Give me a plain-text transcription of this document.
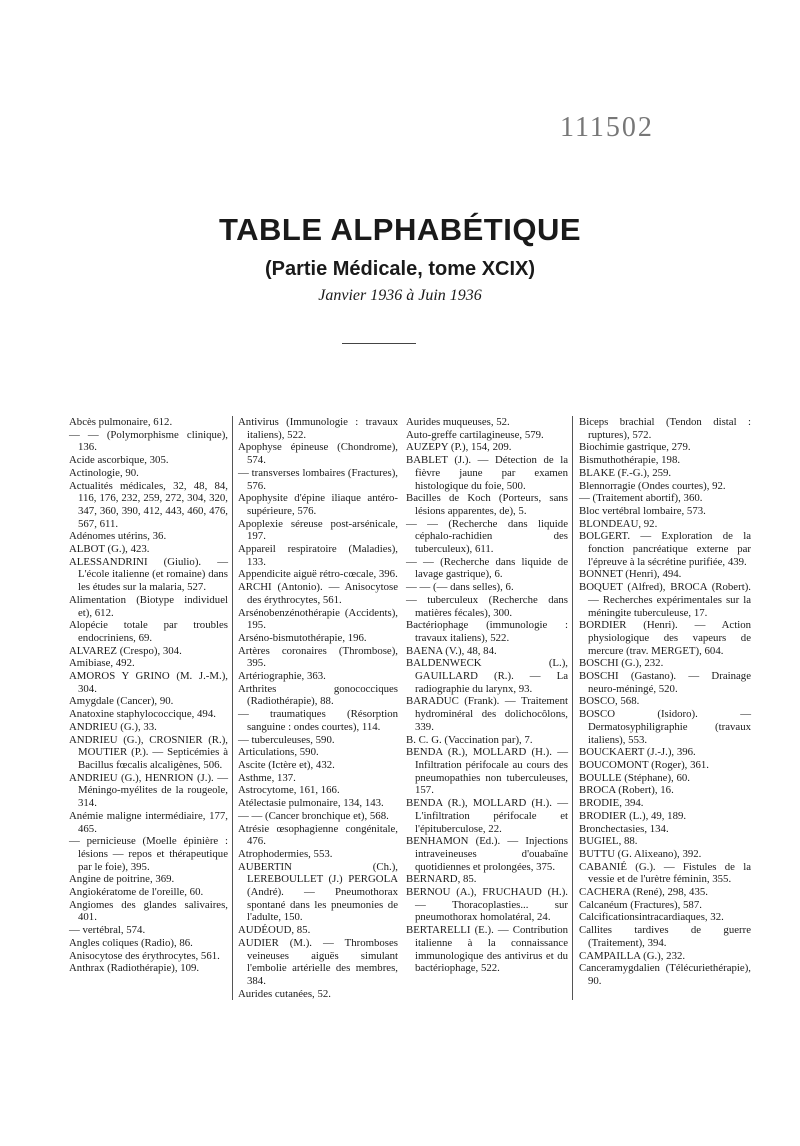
111502
TABLE ALPHABÉTIQUE
(Partie Médicale, tome XCIX)
Janvier 1936 à Juin 1936
Abcès pulmonaire, 612.
— — (Polymorphisme clinique), 136.
Acide ascorbique, 305.
Actinologie, 90.
Actualités médicales, 32, 48, 84, 116, 176, 232, 259, 272, 304, 320, 347, 360, 390, 412, 443, 460, 476, 567, 611.
Adénomes utérins, 36.
ALBOT (G.), 423.
ALESSANDRINI (Giulio). — L'école italienne (et romaine) dans les études sur la malaria, 527.
Alimentation (Biotype individuel et), 612.
Alopécie totale par troubles endocriniens, 69.
ALVAREZ (Crespo), 304.
Amibiase, 492.
AMOROS Y GRINO (M. J.-M.), 304.
Amygdale (Cancer), 90.
Anatoxine staphylococcique, 494.
ANDRIEU (G.), 33.
ANDRIEU (G.), CROSNIER (R.), MOUTIER (P.). — Septicémies à Bacillus fœcalis alcaligènes, 506.
ANDRIEU (G.), HENRION (J.). — Méningo-myélites de la rougeole, 314.
Anémie maligne intermédiaire, 177, 465.
— pernicieuse (Moelle épinière : lésions — repos et thérapeutique par le foie), 395.
Angine de poitrine, 369.
Angiokératome de l'oreille, 60.
Angiomes des glandes salivaires, 401.
— vertébral, 574.
Angles coliques (Radio), 86.
Anisocytose des érythrocytes, 561.
Anthrax (Radiothérapie), 109.
Antivirus (Immunologie : travaux italiens), 522.
Apophyse épineuse (Chondrome), 574.
— transverses lombaires (Fractures), 576.
Apophysite d'épine iliaque antéro-supérieure, 576.
Apoplexie séreuse post-arsénicale, 197.
Appareil respiratoire (Maladies), 133.
Appendicite aiguë rétro-cœcale, 396.
ARCHI (Antonio). — Anisocytose des érythrocytes, 561.
Arsénobenzénothérapie (Accidents), 195.
Arséno-bismutothérapie, 196.
Artères coronaires (Thrombose), 395.
Artériographie, 363.
Arthrites gonococciques (Radiothérapie), 88.
— traumatiques (Résorption sanguine : ondes courtes), 114.
— tuberculeuses, 590.
Articulations, 590.
Ascite (Ictère et), 432.
Asthme, 137.
Astrocytome, 161, 166.
Atélectasie pulmonaire, 134, 143.
— — (Cancer bronchique et), 568.
Atrésie œsophagienne congénitale, 476.
Atrophodermies, 553.
AUBERTIN (Ch.), LEREBOULLET (J.) PERGOLA (André). — Pneumothorax spontané dans les pneumonies de l'adulte, 150.
AUDÉOUD, 85.
AUDIER (M.). — Thromboses veineuses aiguës simulant l'embolie artérielle des membres, 384.
Aurides cutanées, 52.
Aurides muqueuses, 52.
Auto-greffe cartilagineuse, 579.
AUZEPY (P.), 154, 209.
BABLET (J.). — Détection de la fièvre jaune par examen histologique du foie, 500.
Bacilles de Koch (Porteurs, sans lésions apparentes, de), 5.
— — (Recherche dans liquide céphalo-rachidien des tuberculeux), 611.
— — (Recherche dans liquide de lavage gastrique), 6.
— — (— dans selles), 6.
— tuberculeux (Recherche dans matières fécales), 300.
Bactériophage (immunologie : travaux italiens), 522.
BAENA (V.), 48, 84.
BALDENWECK (L.), GAUILLARD (R.). — La radiographie du larynx, 93.
BARADUC (Frank). — Traitement hydrominéral des dolichocôlons, 339.
B. C. G. (Vaccination par), 7.
BENDA (R.), MOLLARD (H.). — Infiltration périfocale au cours des pneumopathies non tuberculeuses, 157.
BENDA (R.), MOLLARD (H.). — L'infiltration périfocale et l'épituberculose, 22.
BENHAMON (Ed.). — Injections intraveineuses d'ouabaïne quotidiennes et prolongées, 375.
BERNARD, 85.
BERNOU (A.), FRUCHAUD (H.). — Thoracoplasties... sur pneumothorax homolatéral, 24.
BERTARELLI (E.). — Contribution italienne à la connaissance immunologique des antivirus et du bactériophage, 522.
Biceps brachial (Tendon distal : ruptures), 572.
Biochimie gastrique, 279.
Bismuthothérapie, 198.
BLAKE (F.-G.), 259.
Blennorragie (Ondes courtes), 92.
— (Traitement abortif), 360.
Bloc vertébral lombaire, 573.
BLONDEAU, 92.
BOLGERT. — Exploration de la fonction pancréatique externe par l'épreuve à la sécrétine purifiée, 439.
BONNET (Henri), 494.
BOQUET (Alfred), BROCA (Robert). — Recherches expérimentales sur la méningite tuberculeuse, 17.
BORDIER (Henri). — Action physiologique des vapeurs de mercure (trav. MERGET), 604.
BOSCHI (G.), 232.
BOSCHI (Gastano). — Drainage neuro-méningé, 520.
BOSCO, 568.
BOSCO (Isidoro). — Dermatosyphiligraphie (travaux italiens), 553.
BOUCKAERT (J.-J.), 396.
BOUCOMONT (Roger), 361.
BOULLE (Stéphane), 60.
BROCA (Robert), 16.
BRODIE, 394.
BRODIER (L.), 49, 189.
Bronchectasies, 134.
BUGIEL, 88.
BUTTU (G. Alixeano), 392.
CABANIÉ (G.). — Fistules de la vessie et de l'urètre féminin, 355.
CACHERA (René), 298, 435.
Calcanéum (Fractures), 587.
Calcificationsintracardiaques, 32.
Callites tardives de guerre (Traitement), 394.
CAMPAILLA (G.), 232.
Canceramygdalien (Télécuriethérapie), 90.
